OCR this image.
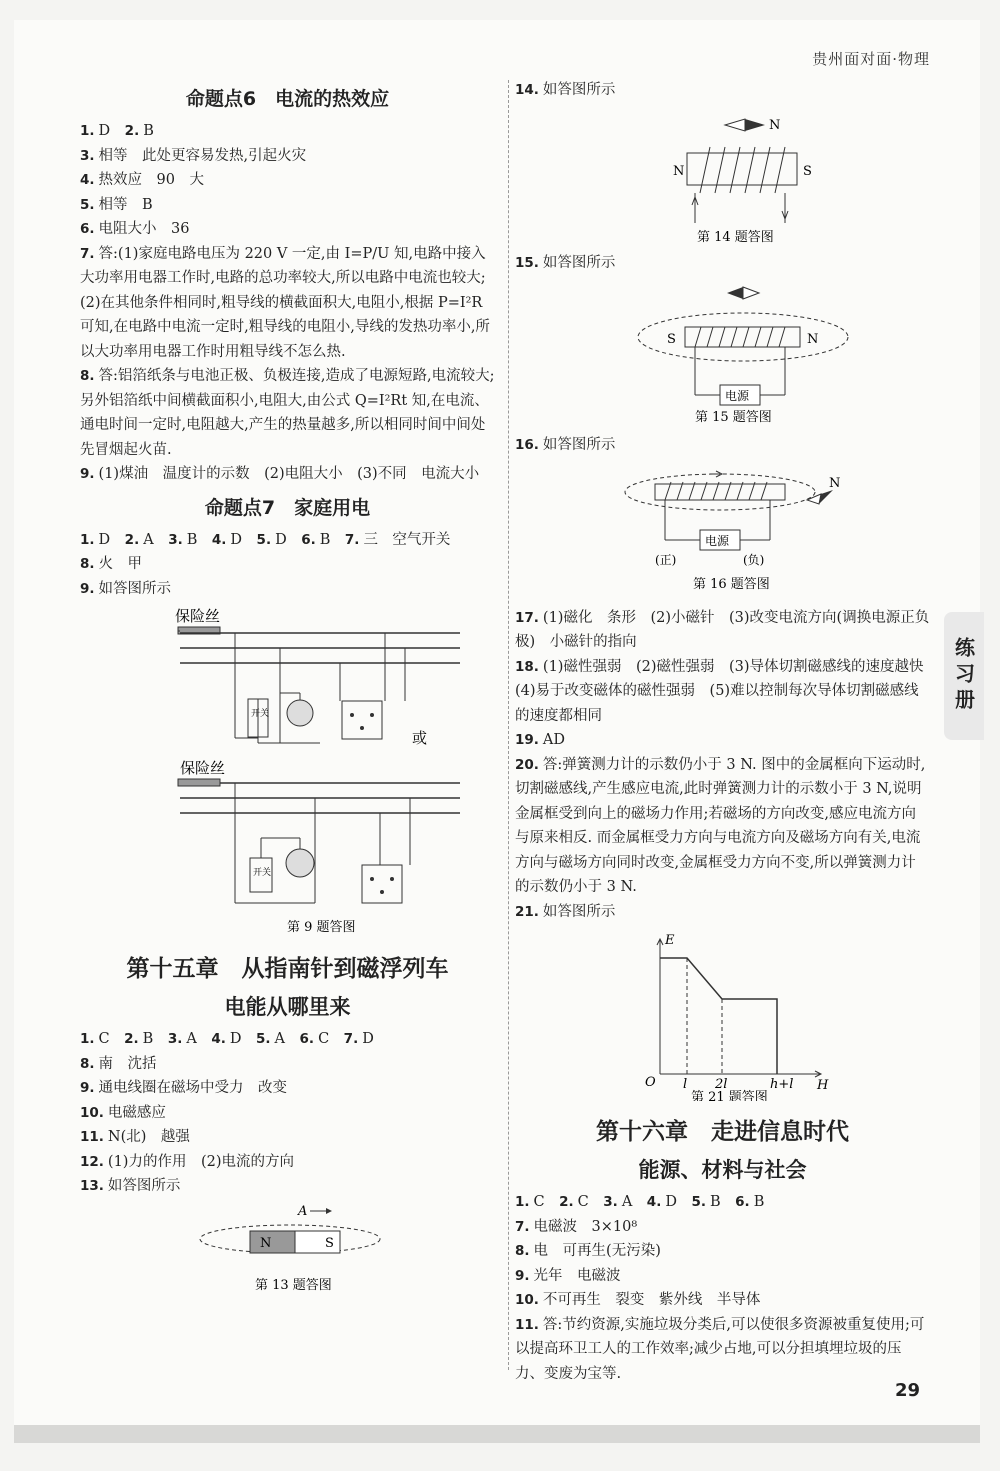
贵州面对面·物理
命题点6　电流的热效应
1. D　 2. B
3. 相等　此处更容易发热,引起火灾
4. 热效应　90　大
5. 相等　B
6. 电阻大小　36
7. 答:(1)家庭电路电压为 220 V 一定,由 I=P/U 知,电路中接入大功率用电器工作时,电路的总功率较大,所以电路中电流也较大;(2)在其他条件相同时,粗导线的横截面积大,电阻小,根据 P=I²R 可知,在电路中电流一定时,粗导线的电阻小,导线的发热功率小,所以大功率用电器工作时用粗导线不怎么热.
8. 答:铝箔纸条与电池正极、负极连接,造成了电源短路,电流较大;另外铝箔纸中间横截面积小,电阻大,由公式 Q=I²Rt 知,在电流、通电时间一定时,电阻越大,产生的热量越多,所以相同时间中间处先冒烟起火苗.
9. (1)煤油　温度计的示数　(2)电阻大小　(3)不同　电流大小
命题点7　家庭用电
1. D　 2. A　 3. B　 4. D　 5. D　 6. B　 7. 三　空气开关
8. 火　甲
9. 如答图所示
保险丝
开关
或
保险丝
开关
第 9 题答图
第十五章　从指南针到磁浮列车
电能从哪里来
1. C　 2. B　 3. A　 4. D　 5. A　 6. C　 7. D
8. 南　沈括
9. 通电线圈在磁场中受力　改变
10. 电磁感应
11. N(北)　越强
12. (1)力的作用　(2)电流的方向
13. 如答图所示
A
N	S
第 13 题答图
14. 如答图所示
N
N	S
第 14 题答图
15. 如答图所示
S	N
电源
第 15 题答图
16. 如答图所示
N
电源
(正)	(负)
第 16 题答图
17. (1)磁化　条形　(2)小磁针　(3)改变电流方向(调换电源正负极)　小磁针的指向
18. (1)磁性强弱　(2)磁性强弱　(3)导体切割磁感线的速度越快　(4)易于改变磁体的磁性强弱　(5)难以控制每次导体切割磁感线的速度都相同
19. AD
20. 答:弹簧测力计的示数仍小于 3 N. 图中的金属框向下运动时,切割磁感线,产生感应电流,此时弹簧测力计的示数小于 3 N,说明金属框受到向上的磁场力作用;若磁场的方向改变,感应电流方向与原来相反. 而金属框受力方向与电流方向及磁场方向有关,电流方向与磁场方向同时改变,金属框受力方向不变,所以弹簧测力计的示数仍小于 3 N.
21. 如答图所示
E
H
O l 2l	h+l
第 21 题答图
第十六章　走进信息时代
能源、材料与社会
1. C　 2. C　 3. A　 4. D　 5. B　 6. B
7. 电磁波　3×10⁸
8. 电　可再生(无污染)
9. 光年　电磁波
10. 不可再生　裂变　紫外线　半导体
11. 答:节约资源,实施垃圾分类后,可以使很多资源被重复使用;可以提高环卫工人的工作效率;减少占地,可以分担填埋垃圾的压力、变废为宝等.
练习册
29
